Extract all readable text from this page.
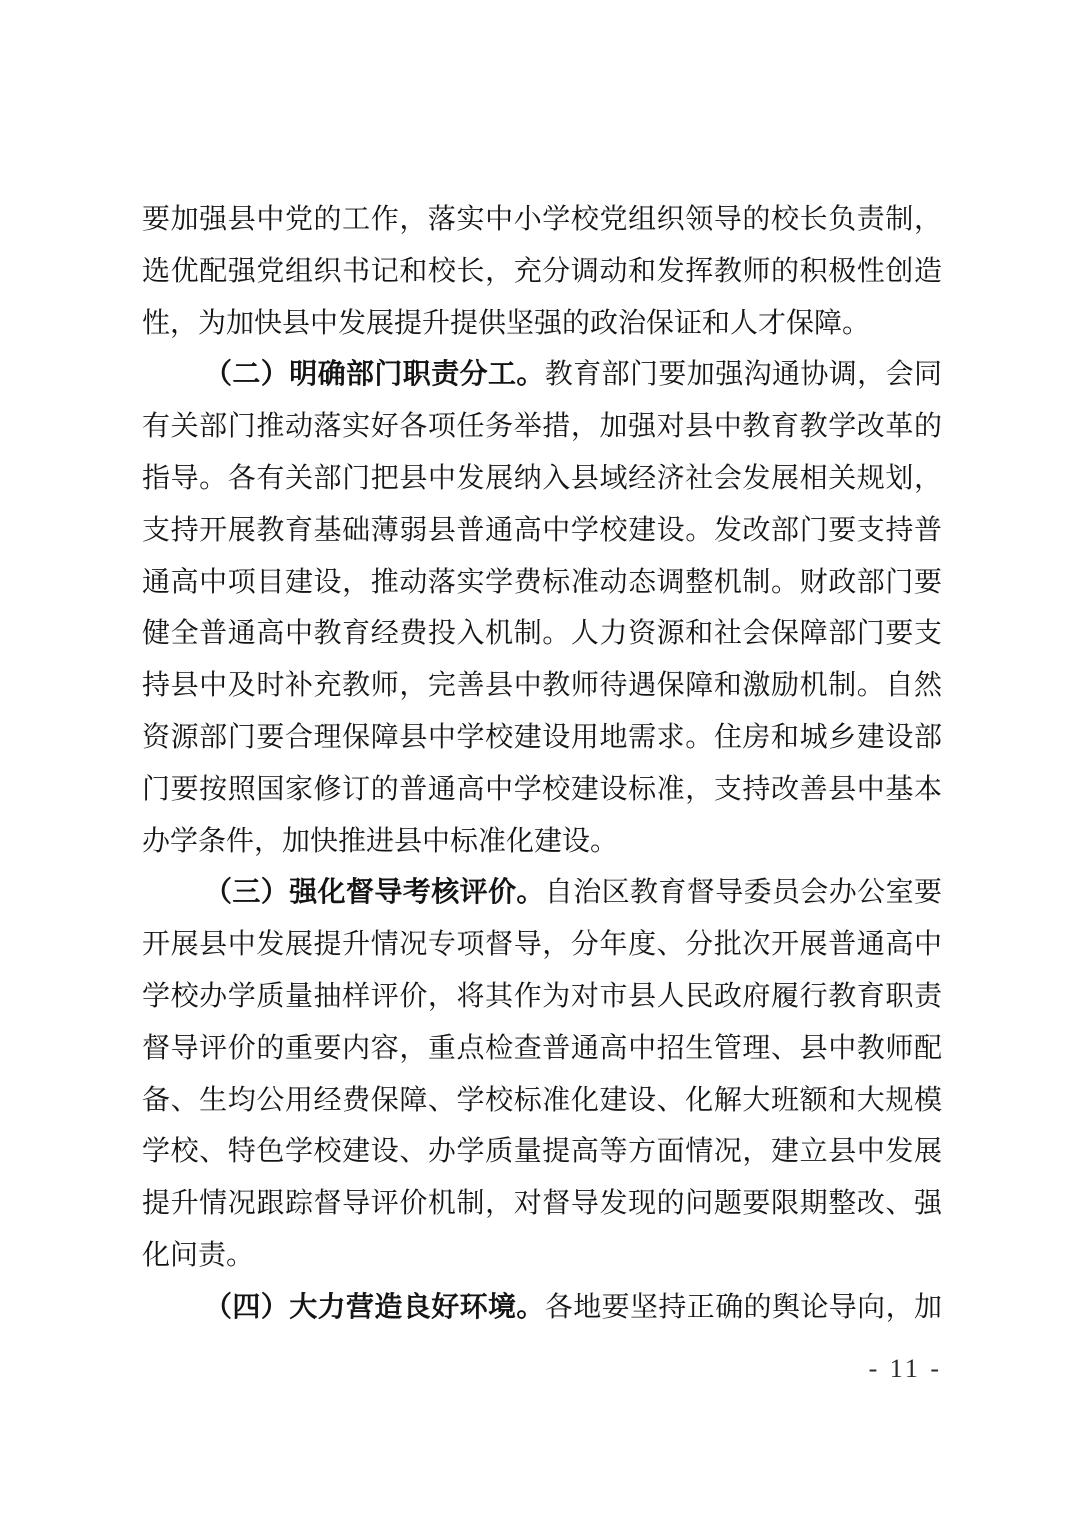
要加强县中党的工作，落实中小学校党组织领导的校长负责制，
选优配强党组织书记和校长，充分调动和发挥教师的积极性创造
性，为加快县中发展提升提供坚强的政治保证和人才保障。
（二）明确部门职责分工。教育部门要加强沟通协调，会同
有关部门推动落实好各项任务举措，加强对县中教育教学改革的
指导。各有关部门把县中发展纳入县域经济社会发展相关规划，
支持开展教育基础薄弱县普通高中学校建设。发改部门要支持普
通高中项目建设，推动落实学费标准动态调整机制。财政部门要
健全普通高中教育经费投入机制。人力资源和社会保障部门要支
持县中及时补充教师，完善县中教师待遇保障和激励机制。自然
资源部门要合理保障县中学校建设用地需求。住房和城乡建设部
门要按照国家修订的普通高中学校建设标准，支持改善县中基本
办学条件，加快推进县中标准化建设。
（三）强化督导考核评价。自治区教育督导委员会办公室要
开展县中发展提升情况专项督导，分年度、分批次开展普通高中
学校办学质量抽样评价，将其作为对市县人民政府履行教育职责
督导评价的重要内容，重点检查普通高中招生管理、县中教师配
备、生均公用经费保障、学校标准化建设、化解大班额和大规模
学校、特色学校建设、办学质量提高等方面情况，建立县中发展
提升情况跟踪督导评价机制，对督导发现的问题要限期整改、强
化问责。
（四）大力营造良好环境。各地要坚持正确的舆论导向，加
- 11 -
